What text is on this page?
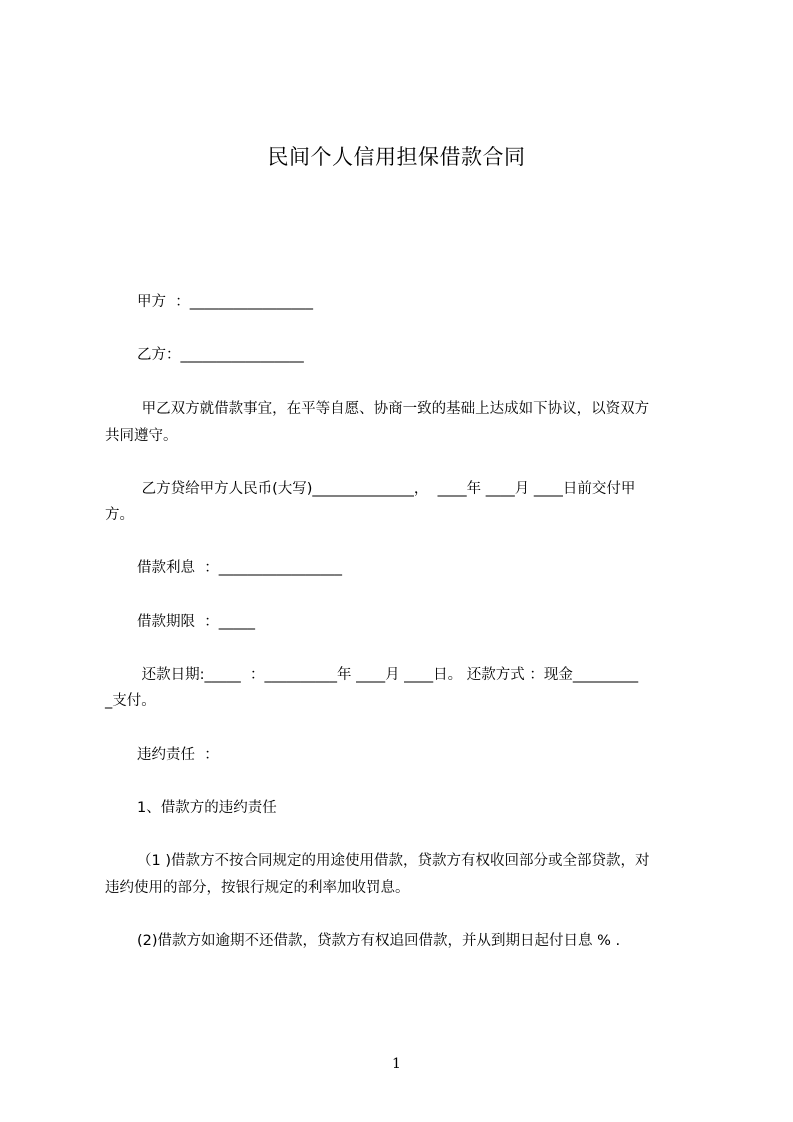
民间个人信用担保借款合同
甲方  ：_________________
乙方：_________________
甲乙双方就借款事宜，在平等自愿、协商一致的基础上达成如下协议，以资双方
共同遵守。
乙方贷给甲方人民币(大写)______________，  ____年 ____月 ____日前交付甲
方。
借款利息  ：_________________
借款期限  ：_____
还款日期:_____  ：__________年 ____月 ____日。 还款方式 ：现金_________
_支付。
违约责任  ：
1、借款方的违约责任
（1 )借款方不按合同规定的用途使用借款，贷款方有权收回部分或全部贷款，对
违约使用的部分，按银行规定的利率加收罚息。
(2)借款方如逾期不还借款，贷款方有权追回借款，并从到期日起付日息 % .
1
